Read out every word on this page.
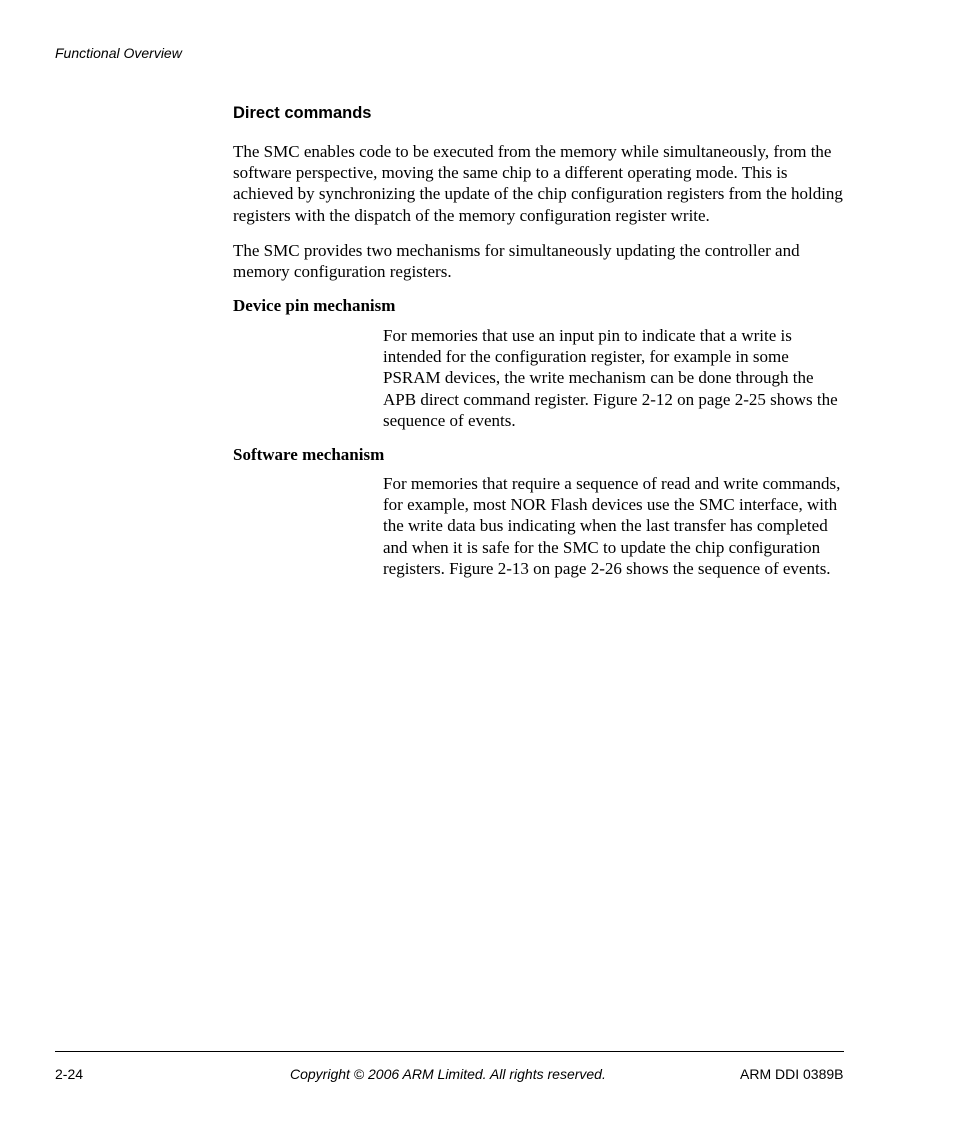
Functional Overview
Direct commands

The SMC enables code to be executed from the memory while simultaneously, from the software perspective, moving the same chip to a different operating mode. This is achieved by synchronizing the update of the chip configuration registers from the holding registers with the dispatch of the memory configuration register write.

The SMC provides two mechanisms for simultaneously updating the controller and memory configuration registers.

Device pin mechanism

For memories that use an input pin to indicate that a write is intended for the configuration register, for example in some PSRAM devices, the write mechanism can be done through the APB direct command register. Figure 2-12 on page 2-25 shows the sequence of events.

Software mechanism

For memories that require a sequence of read and write commands, for example, most NOR Flash devices use the SMC interface, with the write data bus indicating when the last transfer has completed and when it is safe for the SMC to update the chip configuration registers. Figure 2-13 on page 2-26 shows the sequence of events.

2-24	Copyright © 2006 ARM Limited. All rights reserved.	ARM DDI 0389B
